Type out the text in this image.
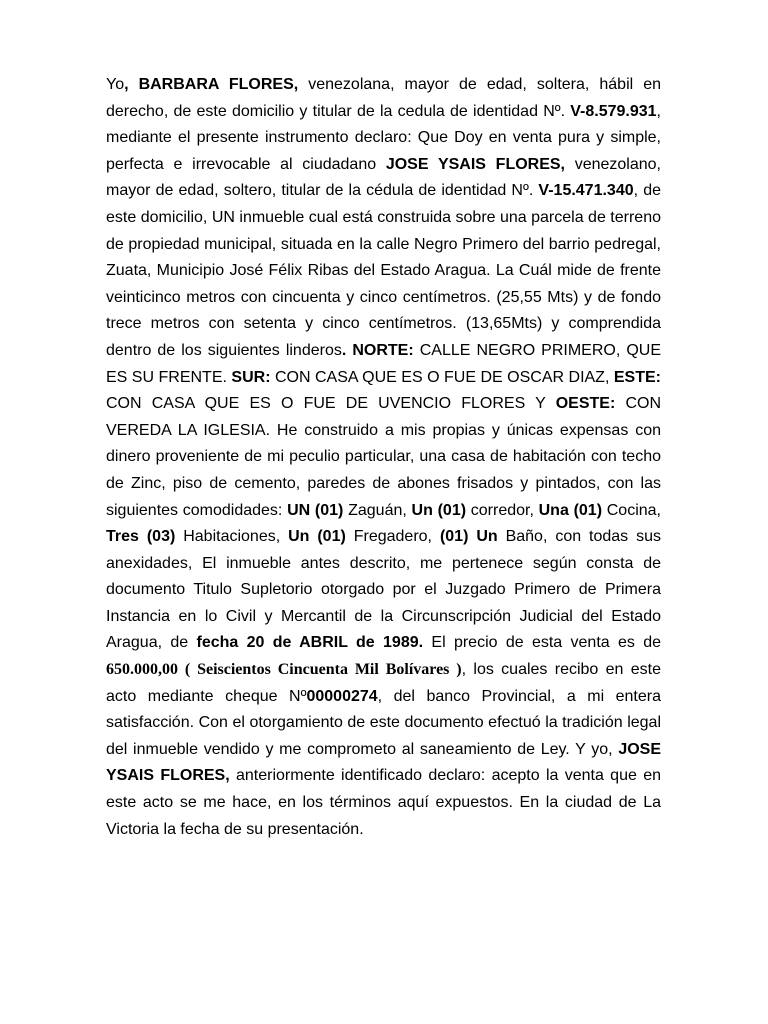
Yo, BARBARA FLORES, venezolana, mayor de edad, soltera, hábil en derecho, de este domicilio y titular de la cedula de identidad Nº. V-8.579.931, mediante el presente instrumento declaro: Que Doy en venta pura y simple, perfecta e irrevocable al ciudadano JOSE YSAIS FLORES, venezolano, mayor de edad, soltero, titular de la cédula de identidad Nº. V-15.471.340, de este domicilio, UN inmueble cual está construida sobre una parcela de terreno de propiedad municipal, situada en la calle Negro Primero del barrio pedregal, Zuata, Municipio José Félix Ribas del Estado Aragua. La Cuál mide de frente veinticinco metros con cincuenta y cinco centímetros. (25,55 Mts) y de fondo trece metros con setenta y cinco centímetros. (13,65Mts) y comprendida dentro de los siguientes linderos. NORTE: CALLE NEGRO PRIMERO, QUE ES SU FRENTE. SUR: CON CASA QUE ES O FUE DE OSCAR DIAZ, ESTE: CON CASA QUE ES O FUE DE UVENCIO FLORES Y OESTE: CON VEREDA LA IGLESIA. He construido a mis propias y únicas expensas con dinero proveniente de mi peculio particular, una casa de habitación con techo de Zinc, piso de cemento, paredes de abones frisados y pintados, con las siguientes comodidades: UN (01) Zaguán, Un (01) corredor, Una (01) Cocina, Tres (03) Habitaciones, Un (01) Fregadero, (01) Un Baño, con todas sus anexidades, El inmueble antes descrito, me pertenece según consta de documento Titulo Supletorio otorgado por el Juzgado Primero de Primera Instancia en lo Civil y Mercantil de la Circunscripción Judicial del Estado Aragua, de fecha 20 de ABRIL de 1989. El precio de esta venta es de 650.000,00 ( Seiscientos Cincuenta Mil Bolívares ), los cuales recibo en este acto mediante cheque Nº00000274, del banco Provincial, a mi entera satisfacción. Con el otorgamiento de este documento efectuó la tradición legal del inmueble vendido y me comprometo al saneamiento de Ley. Y yo, JOSE YSAIS FLORES, anteriormente identificado declaro: acepto la venta que en este acto se me hace, en los términos aquí expuestos. En la ciudad de La Victoria la fecha de su presentación.
